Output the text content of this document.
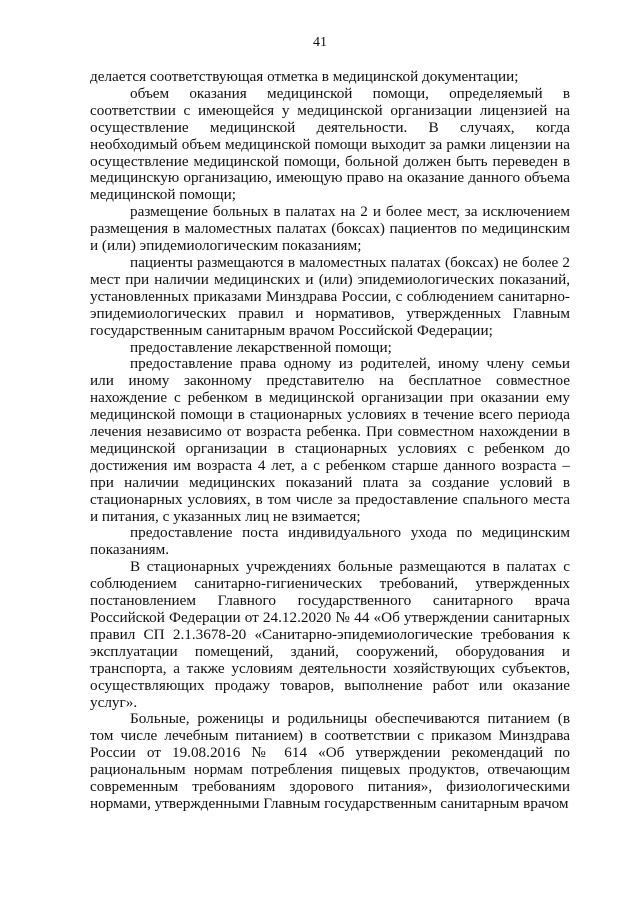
41

делается соответствующая отметка в медицинской документации;

объем оказания медицинской помощи, определяемый в соответствии с имеющейся у медицинской организации лицензией на осуществление медицинской деятельности. В случаях, когда необходимый объем медицинской помощи выходит за рамки лицензии на осуществление медицинской помощи, больной должен быть переведен в медицинскую организацию, имеющую право на оказание данного объема медицинской помощи;

размещение больных в палатах на 2 и более мест, за исключением размещения в маломестных палатах (боксах) пациентов по медицинским и (или) эпидемиологическим показаниям;

пациенты размещаются в маломестных палатах (боксах) не более 2 мест при наличии медицинских и (или) эпидемиологических показаний, установленных приказами Минздрава России, с соблюдением санитарно-эпидемиологических правил и нормативов, утвержденных Главным государственным санитарным врачом Российской Федерации;

предоставление лекарственной помощи;

предоставление права одному из родителей, иному члену семьи или иному законному представителю на бесплатное совместное нахождение с ребенком в медицинской организации при оказании ему медицинской помощи в стационарных условиях в течение всего периода лечения независимо от возраста ребенка. При совместном нахождении в медицинской организации в стационарных условиях с ребенком до достижения им возраста 4 лет, а с ребенком старше данного возраста – при наличии медицинских показаний плата за создание условий в стационарных условиях, в том числе за предоставление спального места и питания, с указанных лиц не взимается;

предоставление поста индивидуального ухода по медицинским показаниям.

В стационарных учреждениях больные размещаются в палатах с соблюдением санитарно-гигиенических требований, утвержденных постановлением Главного государственного санитарного врача Российской Федерации от 24.12.2020 № 44 «Об утверждении санитарных правил СП 2.1.3678-20 «Санитарно-эпидемиологические требования к эксплуатации помещений, зданий, сооружений, оборудования и транспорта, а также условиям деятельности хозяйствующих субъектов, осуществляющих продажу товаров, выполнение работ или оказание услуг».

Больные, роженицы и родильницы обеспечиваются питанием (в том числе лечебным питанием) в соответствии с приказом Минздрава России от 19.08.2016 № 614 «Об утверждении рекомендаций по рациональным нормам потребления пищевых продуктов, отвечающим современным требованиям здорового питания», физиологическими нормами, утвержденными Главным государственным санитарным врачом
